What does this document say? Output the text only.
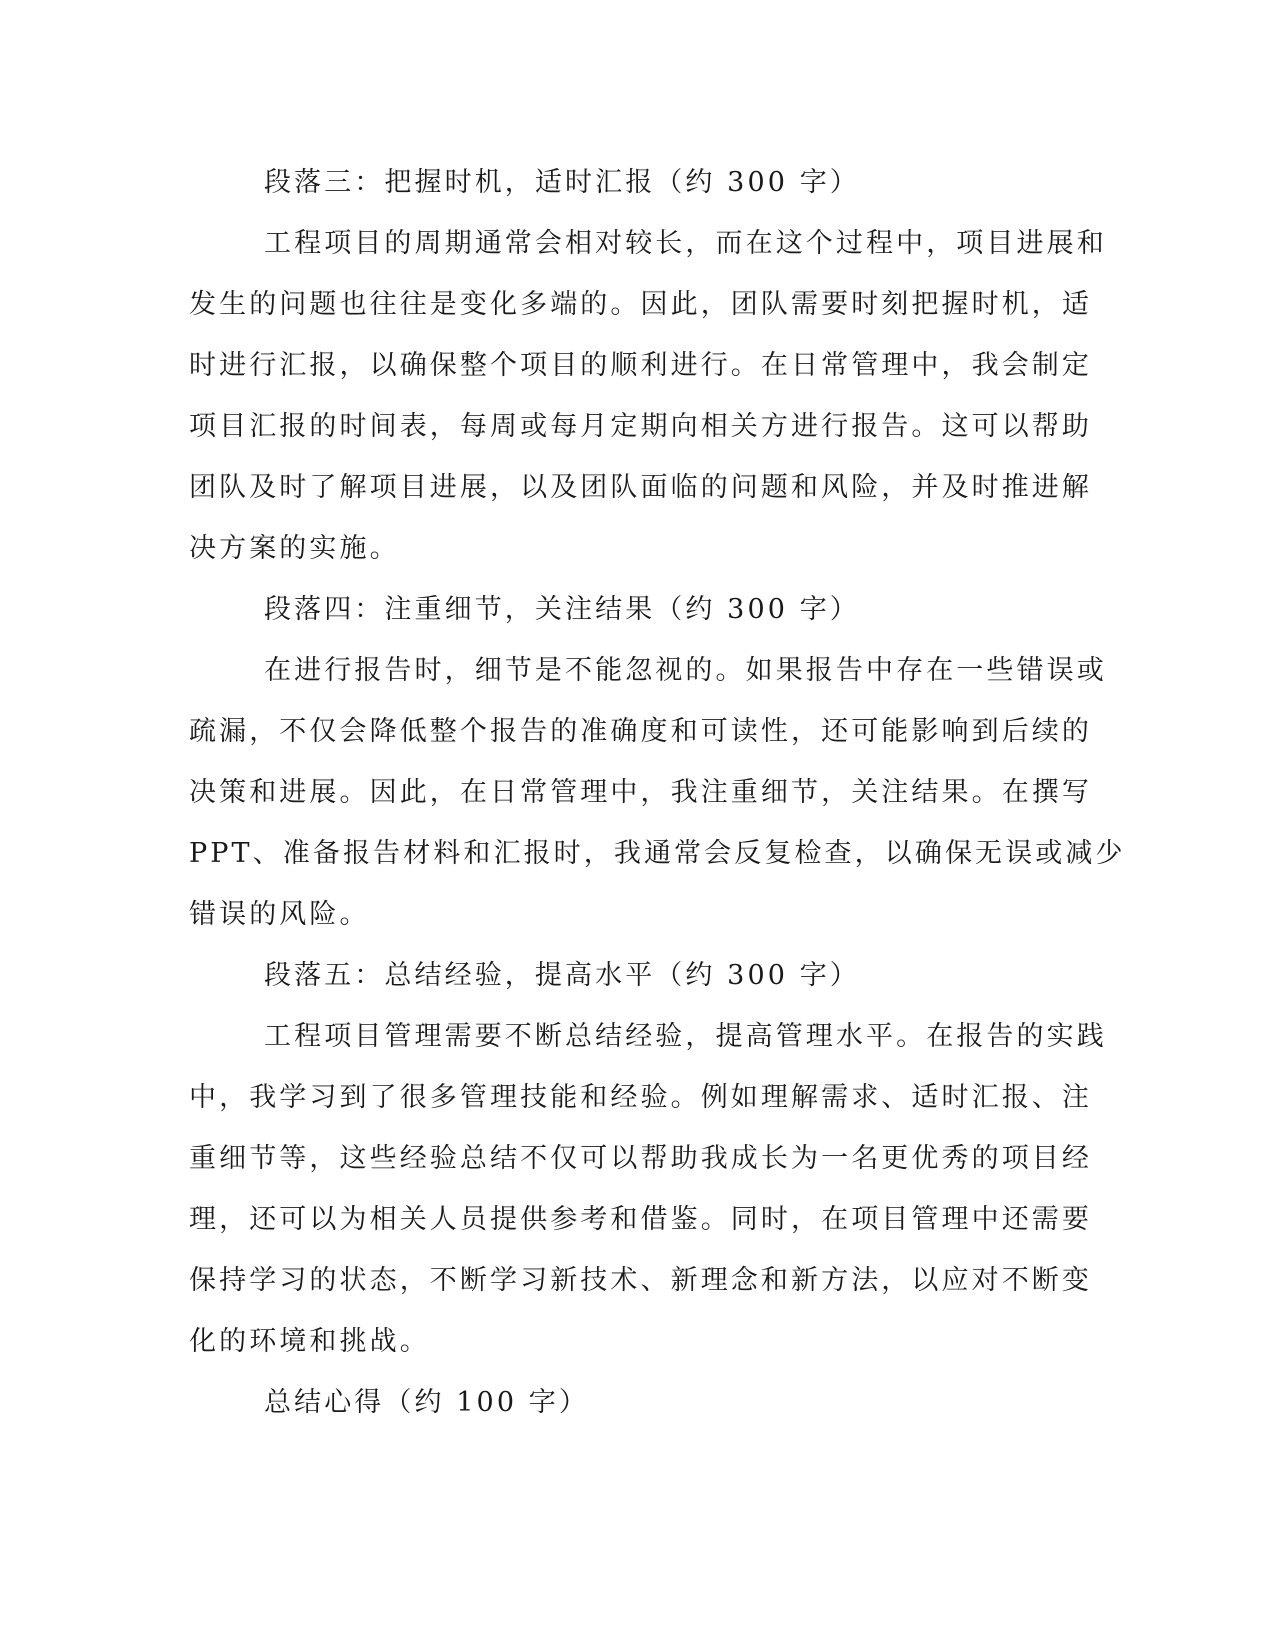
段落三：把握时机，适时汇报（约 300 字）
工程项目的周期通常会相对较长，而在这个过程中，项目进展和
发生的问题也往往是变化多端的。因此，团队需要时刻把握时机，适
时进行汇报，以确保整个项目的顺利进行。在日常管理中，我会制定
项目汇报的时间表，每周或每月定期向相关方进行报告。这可以帮助
团队及时了解项目进展，以及团队面临的问题和风险，并及时推进解
决方案的实施。
段落四：注重细节，关注结果（约 300 字）
在进行报告时，细节是不能忽视的。如果报告中存在一些错误或
疏漏，不仅会降低整个报告的准确度和可读性，还可能影响到后续的
决策和进展。因此，在日常管理中，我注重细节，关注结果。在撰写
PPT、准备报告材料和汇报时，我通常会反复检查，以确保无误或减少
错误的风险。
段落五：总结经验，提高水平（约 300 字）
工程项目管理需要不断总结经验，提高管理水平。在报告的实践
中，我学习到了很多管理技能和经验。例如理解需求、适时汇报、注
重细节等，这些经验总结不仅可以帮助我成长为一名更优秀的项目经
理，还可以为相关人员提供参考和借鉴。同时，在项目管理中还需要
保持学习的状态，不断学习新技术、新理念和新方法，以应对不断变
化的环境和挑战。
总结心得（约 100 字）
